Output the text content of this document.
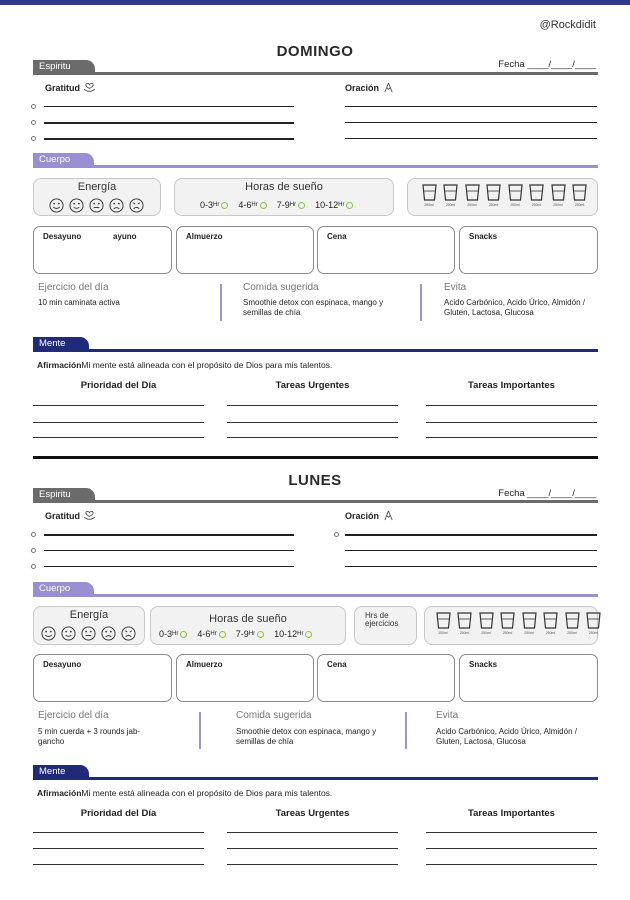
@Rockdidit
DOMINGO
Espiritu	Fecha ____/____/____
Gratitud	Oración
Cuerpo
Energía	Horas de sueño
0-3 Hr 4-6 Hr 7-9 Hr 10-12 Hr	250ml	250ml	250ml	250ml	250ml	250ml	250ml	250ml
Desayuno	ayuno	Almuerzo	Cena	Snacks
Ejercicio del día
10 min caminata activa
Comida sugerida
Smoothie detox con espinaca, mango y semillas de chía
Evita
Acido Carbónico, Acido Úrico, Almidón / Gluten, Lactosa, Glucosa
Mente
AfirmaciónMi mente está alineada con el propósito de Dios para mis talentos.
Prioridad del Día	Tareas Urgentes	Tareas Importantes
LUNES
Espiritu	Fecha ____/____/____
Gratitud	Oración
Cuerpo
Energía	Horas de sueño
0-3 Hr 4-6 Hr 7-9 Hr 10-12 Hr
Hrs de ejercicios
250ml	250ml	250ml	250ml	250ml	250ml	250ml	250ml
Desayuno	Almuerzo	Cena	Snacks
Ejercicio del día
5 min cuerda + 3 rounds jab-gancho
Comida sugerida
Smoothie detox con espinaca, mango y semillas de chía
Evita
Acido Carbónico, Acido Úrico, Almidón / Gluten, Lactosa, Glucosa
Mente
AfirmaciónMi mente está alineada con el propósito de Dios para mis talentos.
Prioridad del Día	Tareas Urgentes	Tareas Importantes
